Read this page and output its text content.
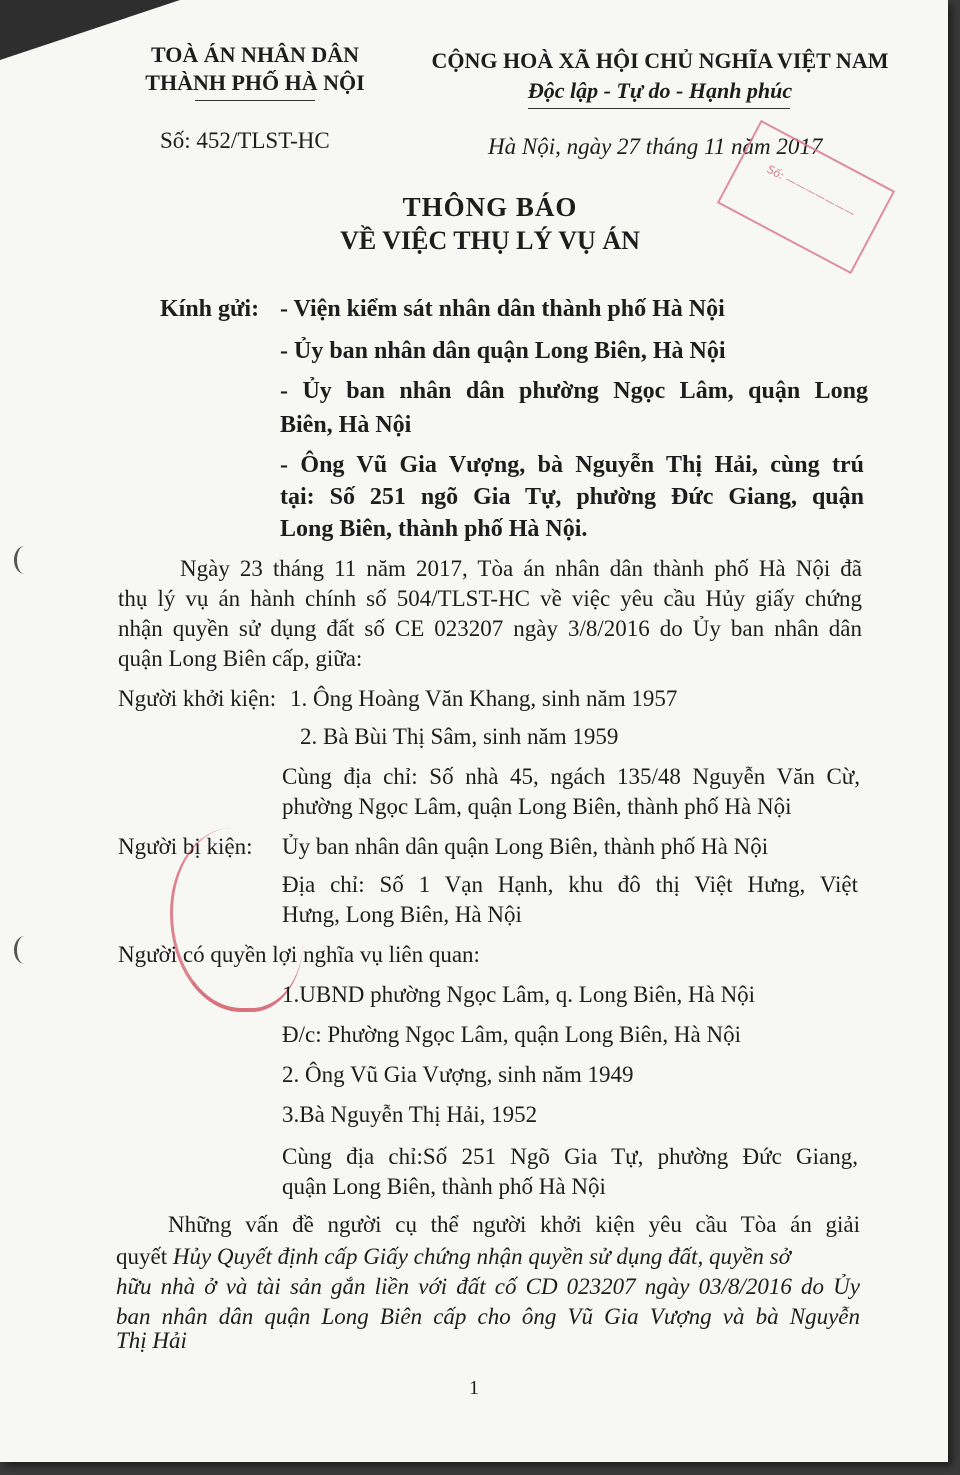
TOÀ ÁN NHÂN DÂN
THÀNH PHỐ HÀ NỘI
Số: 452/TLST-HC
CỘNG HOÀ XÃ HỘI CHỦ NGHĨA VIỆT NAM
Độc lập - Tự do - Hạnh phúc
Hà Nội, ngày 27 tháng 11 năm 2017
Số: ———————
THÔNG BÁO
VỀ VIỆC THỤ LÝ VỤ ÁN
Kính gửi: - Viện kiểm sát nhân dân thành phố Hà Nội
- Ủy ban nhân dân quận Long Biên, Hà Nội
- Ủy ban nhân dân phường Ngọc Lâm, quận Long
Biên, Hà Nội
- Ông Vũ Gia Vượng, bà Nguyễn Thị Hải, cùng trú
tại: Số 251 ngõ Gia Tự, phường Đức Giang, quận
Long Biên, thành phố Hà Nội.
Ngày 23 tháng 11 năm 2017, Tòa án nhân dân thành phố Hà Nội đã
thụ lý vụ án hành chính số 504/TLST-HC về việc yêu cầu Hủy giấy chứng
nhận quyền sử dụng đất số CE 023207 ngày 3/8/2016 do Ủy ban nhân dân
quận Long Biên cấp, giữa:
Người khởi kiện: 1. Ông Hoàng Văn Khang, sinh năm 1957
2. Bà Bùi Thị Sâm, sinh năm 1959
Cùng địa chỉ: Số nhà 45, ngách 135/48 Nguyễn Văn Cừ,
phường Ngọc Lâm, quận Long Biên, thành phố Hà Nội
Người bị kiện: Ủy ban nhân dân quận Long Biên, thành phố Hà Nội
Địa chỉ: Số 1 Vạn Hạnh, khu đô thị Việt Hưng, Việt
Hưng, Long Biên, Hà Nội
Người có quyền lợi nghĩa vụ liên quan:
1.UBND phường Ngọc Lâm, q. Long Biên, Hà Nội
Đ/c: Phường Ngọc Lâm, quận Long Biên, Hà Nội
2. Ông Vũ Gia Vượng, sinh năm 1949
3.Bà Nguyễn Thị Hải, 1952
Cùng địa chỉ:Số 251 Ngõ Gia Tự, phường Đức Giang,
quận Long Biên, thành phố Hà Nội
Những vấn đề người cụ thể người khởi kiện yêu cầu Tòa án giải
quyết Hủy Quyết định cấp Giấy chứng nhận quyền sử dụng đất, quyền sở
hữu nhà ở và tài sản gắn liền với đất cố CD 023207 ngày 03/8/2016 do Ủy
ban nhân dân quận Long Biên cấp cho ông Vũ Gia Vượng và bà Nguyễn
Thị Hải
1
